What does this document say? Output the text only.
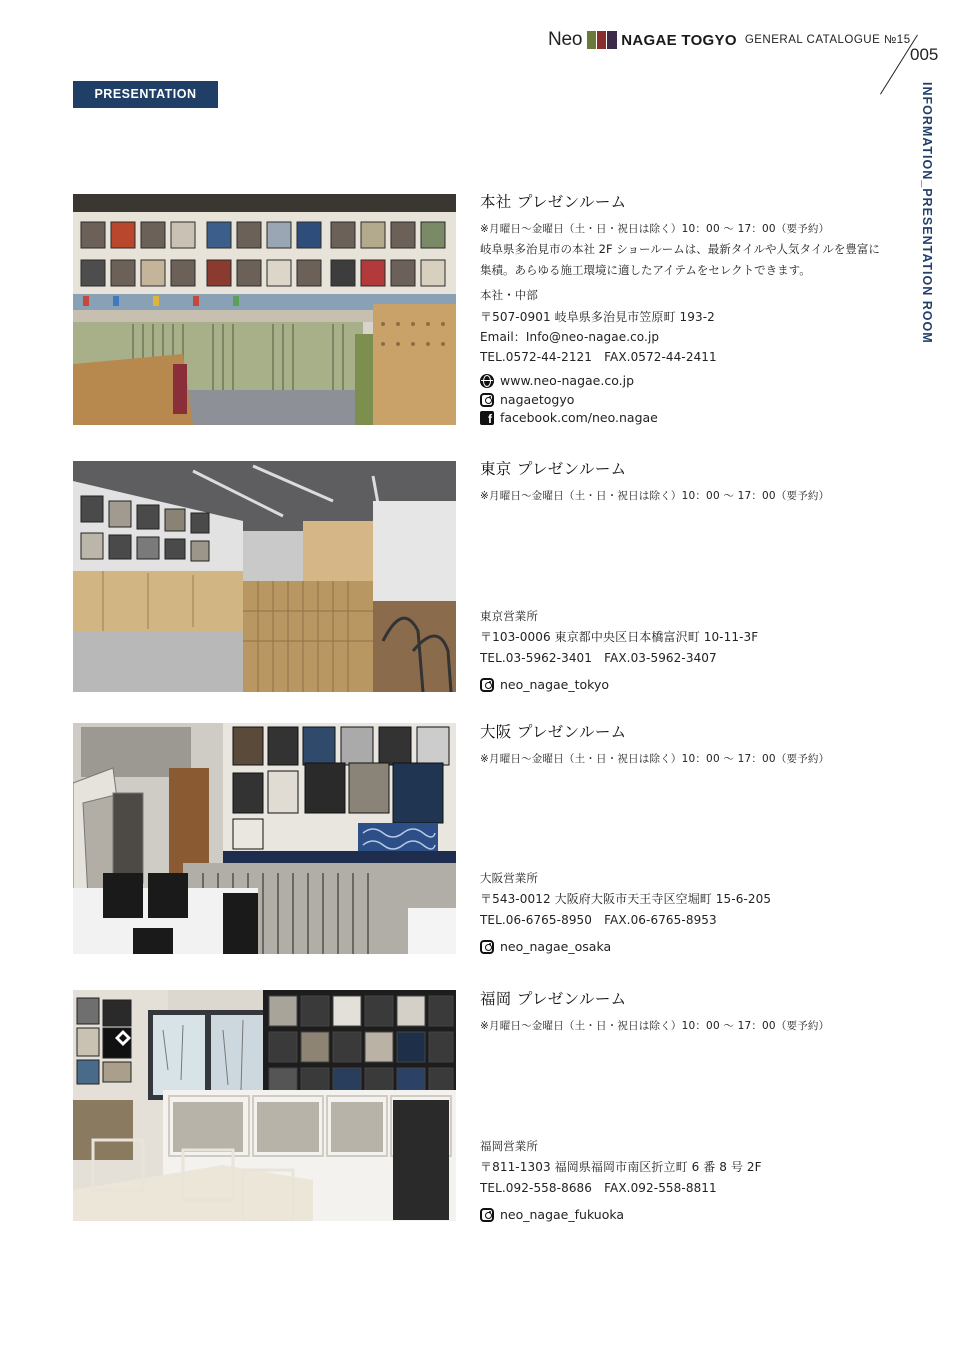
Neo	NAGAE TOGYO GENERAL CATALOGUE №15
005
INFORMATION_PRESENTATION ROOM
PRESENTATION ROOM
本社 プレゼンルーム
※月曜日～金曜日（土・日・祝日は除く）10：00 ～ 17：00（要予約）
岐阜県多治見市の本社 2F ショールームは、最新タイルや人気タイルを豊富に集積。あらゆる施工環境に適したアイテムをセレクトできます。
本社・中部
〒507-0901 岐阜県多治見市笠原町 193-2
Email：Info@neo-nagae.co.jp
TEL.0572-44-2121　FAX.0572-44-2411
www.neo-nagae.co.jp
nagaetogyo
f facebook.com/neo.nagae
東京 プレゼンルーム
※月曜日～金曜日（土・日・祝日は除く）10：00 ～ 17：00（要予約）
東京営業所
〒103-0006 東京都中央区日本橋富沢町 10-11-3F
TEL.03-5962-3401　FAX.03-5962-3407
neo_nagae_tokyo
大阪 プレゼンルーム
※月曜日～金曜日（土・日・祝日は除く）10：00 ～ 17：00（要予約）
大阪営業所
〒543-0012 大阪府大阪市天王寺区空堀町 15-6-205
TEL.06-6765-8950　FAX.06-6765-8953
neo_nagae_osaka
福岡 プレゼンルーム
※月曜日～金曜日（土・日・祝日は除く）10：00 ～ 17：00（要予約）
福岡営業所
〒811-1303 福岡県福岡市南区折立町 6 番 8 号 2F
TEL.092-558-8686　FAX.092-558-8811
neo_nagae_fukuoka
